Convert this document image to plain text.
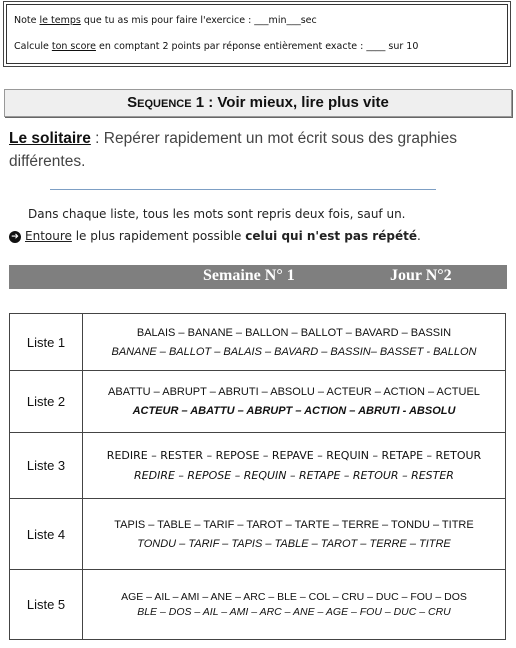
Note le temps que tu as mis pour faire l'exercice : ___min___sec
Calcule ton score en comptant 2 points par réponse entièrement exacte : ____ sur 10
Sequence 1 : Voir mieux, lire plus vite
Le solitaire : Repérer rapidement un mot écrit sous des graphies différentes.
Dans chaque liste, tous les mots sont repris deux fois, sauf un.
➔ Entoure le plus rapidement possible celui qui n'est pas répété.
Semaine N° 1	Jour N°2
Liste 1	BALAIS – BANANE – BALLON – BALLOT – BAVARD – BASSIN
BANANE – BALLOT – BALAIS – BAVARD – BASSIN– BASSET - BALLON

Liste 2	ABATTU – ABRUPT – ABRUTI – ABSOLU – ACTEUR – ACTION – ACTUEL
ACTEUR – ABATTU – ABRUPT – ACTION – ABRUTI - ABSOLU

Liste 3	REDIRE – RESTER – REPOSE – REPAVE – REQUIN – RETAPE – RETOUR
REDIRE – REPOSE – REQUIN – RETAPE – RETOUR – RESTER

Liste 4	TAPIS – TABLE – TARIF – TAROT – TARTE – TERRE – TONDU – TITRE
TONDU – TARIF – TAPIS – TABLE – TAROT – TERRE – TITRE

Liste 5	AGE – AIL – AMI – ANE – ARC – BLE – COL – CRU – DUC – FOU – DOS
BLE – DOS – AIL – AMI – ARC – ANE – AGE – FOU – DUC – CRU
